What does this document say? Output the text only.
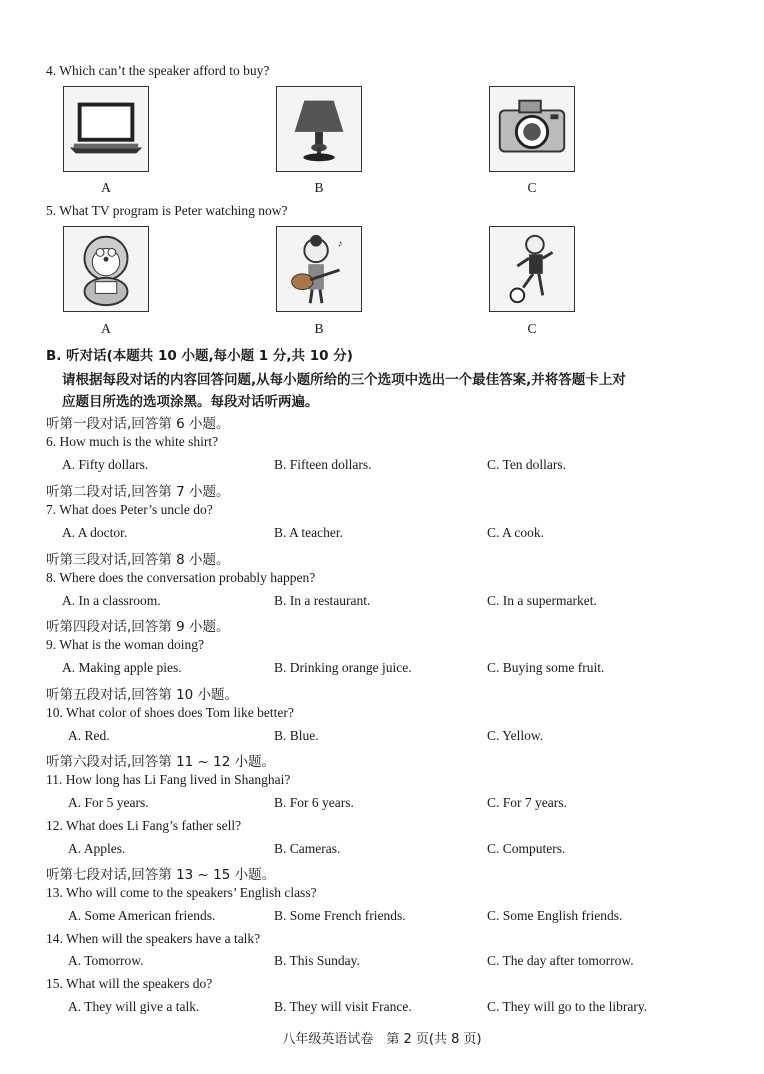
4. Which can’t the speaker afford to buy?
A	B	C
5. What TV program is Peter watching now?
♪
A	B	C
B. 听对话(本题共 10 小题,每小题 1 分,共 10 分)
请根据每段对话的内容回答问题,从每小题所给的三个选项中选出一个最佳答案,并将答题卡上对
应题目所选的选项涂黑。每段对话听两遍。
听第一段对话,回答第 6 小题。
6. How much is the white shirt?
A. Fifty dollars.	B. Fifteen dollars.	C. Ten dollars.
听第二段对话,回答第 7 小题。
7. What does Peter’s uncle do?
A. A doctor.	B. A teacher.	C. A cook.
听第三段对话,回答第 8 小题。
8. Where does the conversation probably happen?
A. In a classroom.	B. In a restaurant.	C. In a supermarket.
听第四段对话,回答第 9 小题。
9. What is the woman doing?
A. Making apple pies.	B. Drinking orange juice.	C. Buying some fruit.
听第五段对话,回答第 10 小题。
10. What color of shoes does Tom like better?
A. Red.	B. Blue.	C. Yellow.
听第六段对话,回答第 11 ~ 12 小题。
11. How long has Li Fang lived in Shanghai?
A. For 5 years.	B. For 6 years.	C. For 7 years.
12. What does Li Fang’s father sell?
A. Apples.	B. Cameras.	C. Computers.
听第七段对话,回答第 13 ~ 15 小题。
13. Who will come to the speakers’ English class?
A. Some American friends.	B. Some French friends.	C. Some English friends.
14. When will the speakers have a talk?
A. Tomorrow.	B. This Sunday.	C. The day after tomorrow.
15. What will the speakers do?
A. They will give a talk.	B. They will visit France.	C. They will go to the library.
八年级英语试卷　第 2 页(共 8 页)
